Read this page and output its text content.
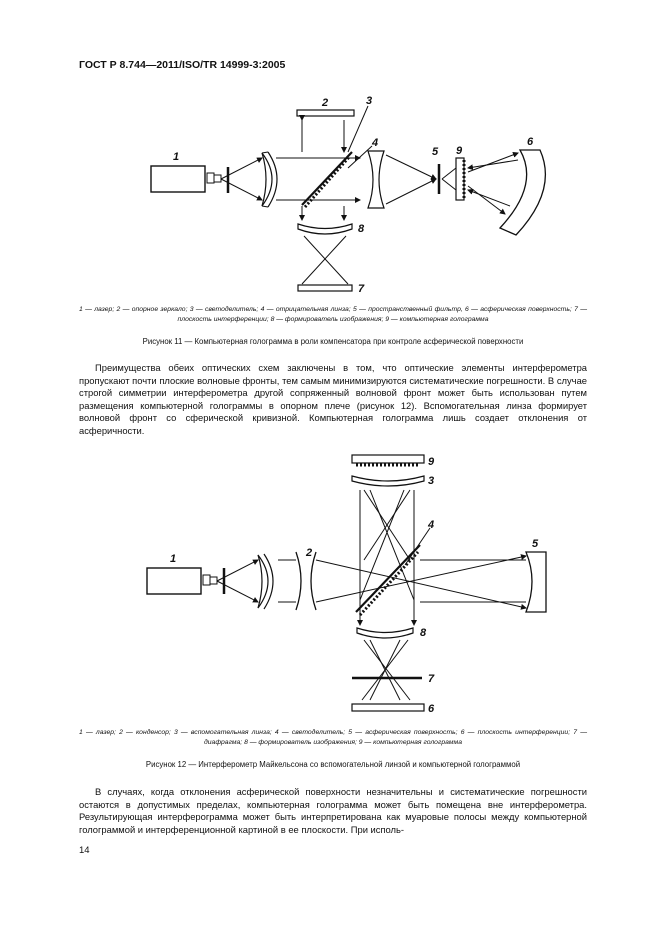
ГОСТ Р 8.744—2011/ISO/TR 14999-3:2005
1
2	3
4
5 9
6
8
7
1 — лазер; 2 — опорное зеркало; 3 — светоделитель; 4 — отрицательная линза; 5 — пространственный фильтр, 6 — асферическая поверхность; 7 — плоскость интерференции; 8 — формирователь изображения; 9 — компьютерная голограмма
Рисунок 11 — Компьютерная голограмма в роли компенсатора при контроле асферической поверхности

Преимущества обеих оптических схем заключены в том, что оптические элементы интерферометра пропускают почти плоские волновые фронты, тем самым минимизируются систематические погрешности. В случае строгой симметрии интерферометра другой сопряженный волновой фронт может быть использован путем размещения компьютерной голограммы в опорном плече (рисунок 12). Вспомогательная линза формирует волновой фронт со сферической кривизной. Компьютерная голограмма лишь создает отклонения от асферичности.

9
3
4
1	2
5
8
7
6
1 — лазер; 2 — конденсор; 3 — вспомогательная линза; 4 — светоделитель; 5 — асферическая поверхность; 6 — плоскость интерференции; 7 — диафрагма; 8 — формирователь изображения; 9 — компьютерная голограмма
Рисунок 12 — Интерферометр Майкельсона со вспомогательной линзой и компьютерной голограммой

В случаях, когда отклонения асферической поверхности незначительны и систематические погрешности остаются в допустимых пределах, компьютерная голограмма может быть помещена вне интерферометра. Результирующая интерферограмма может быть интерпретирована как муаровые полосы между компьютерной голограммой и интерференционной картиной в ее плоскости. При исполь-

14
